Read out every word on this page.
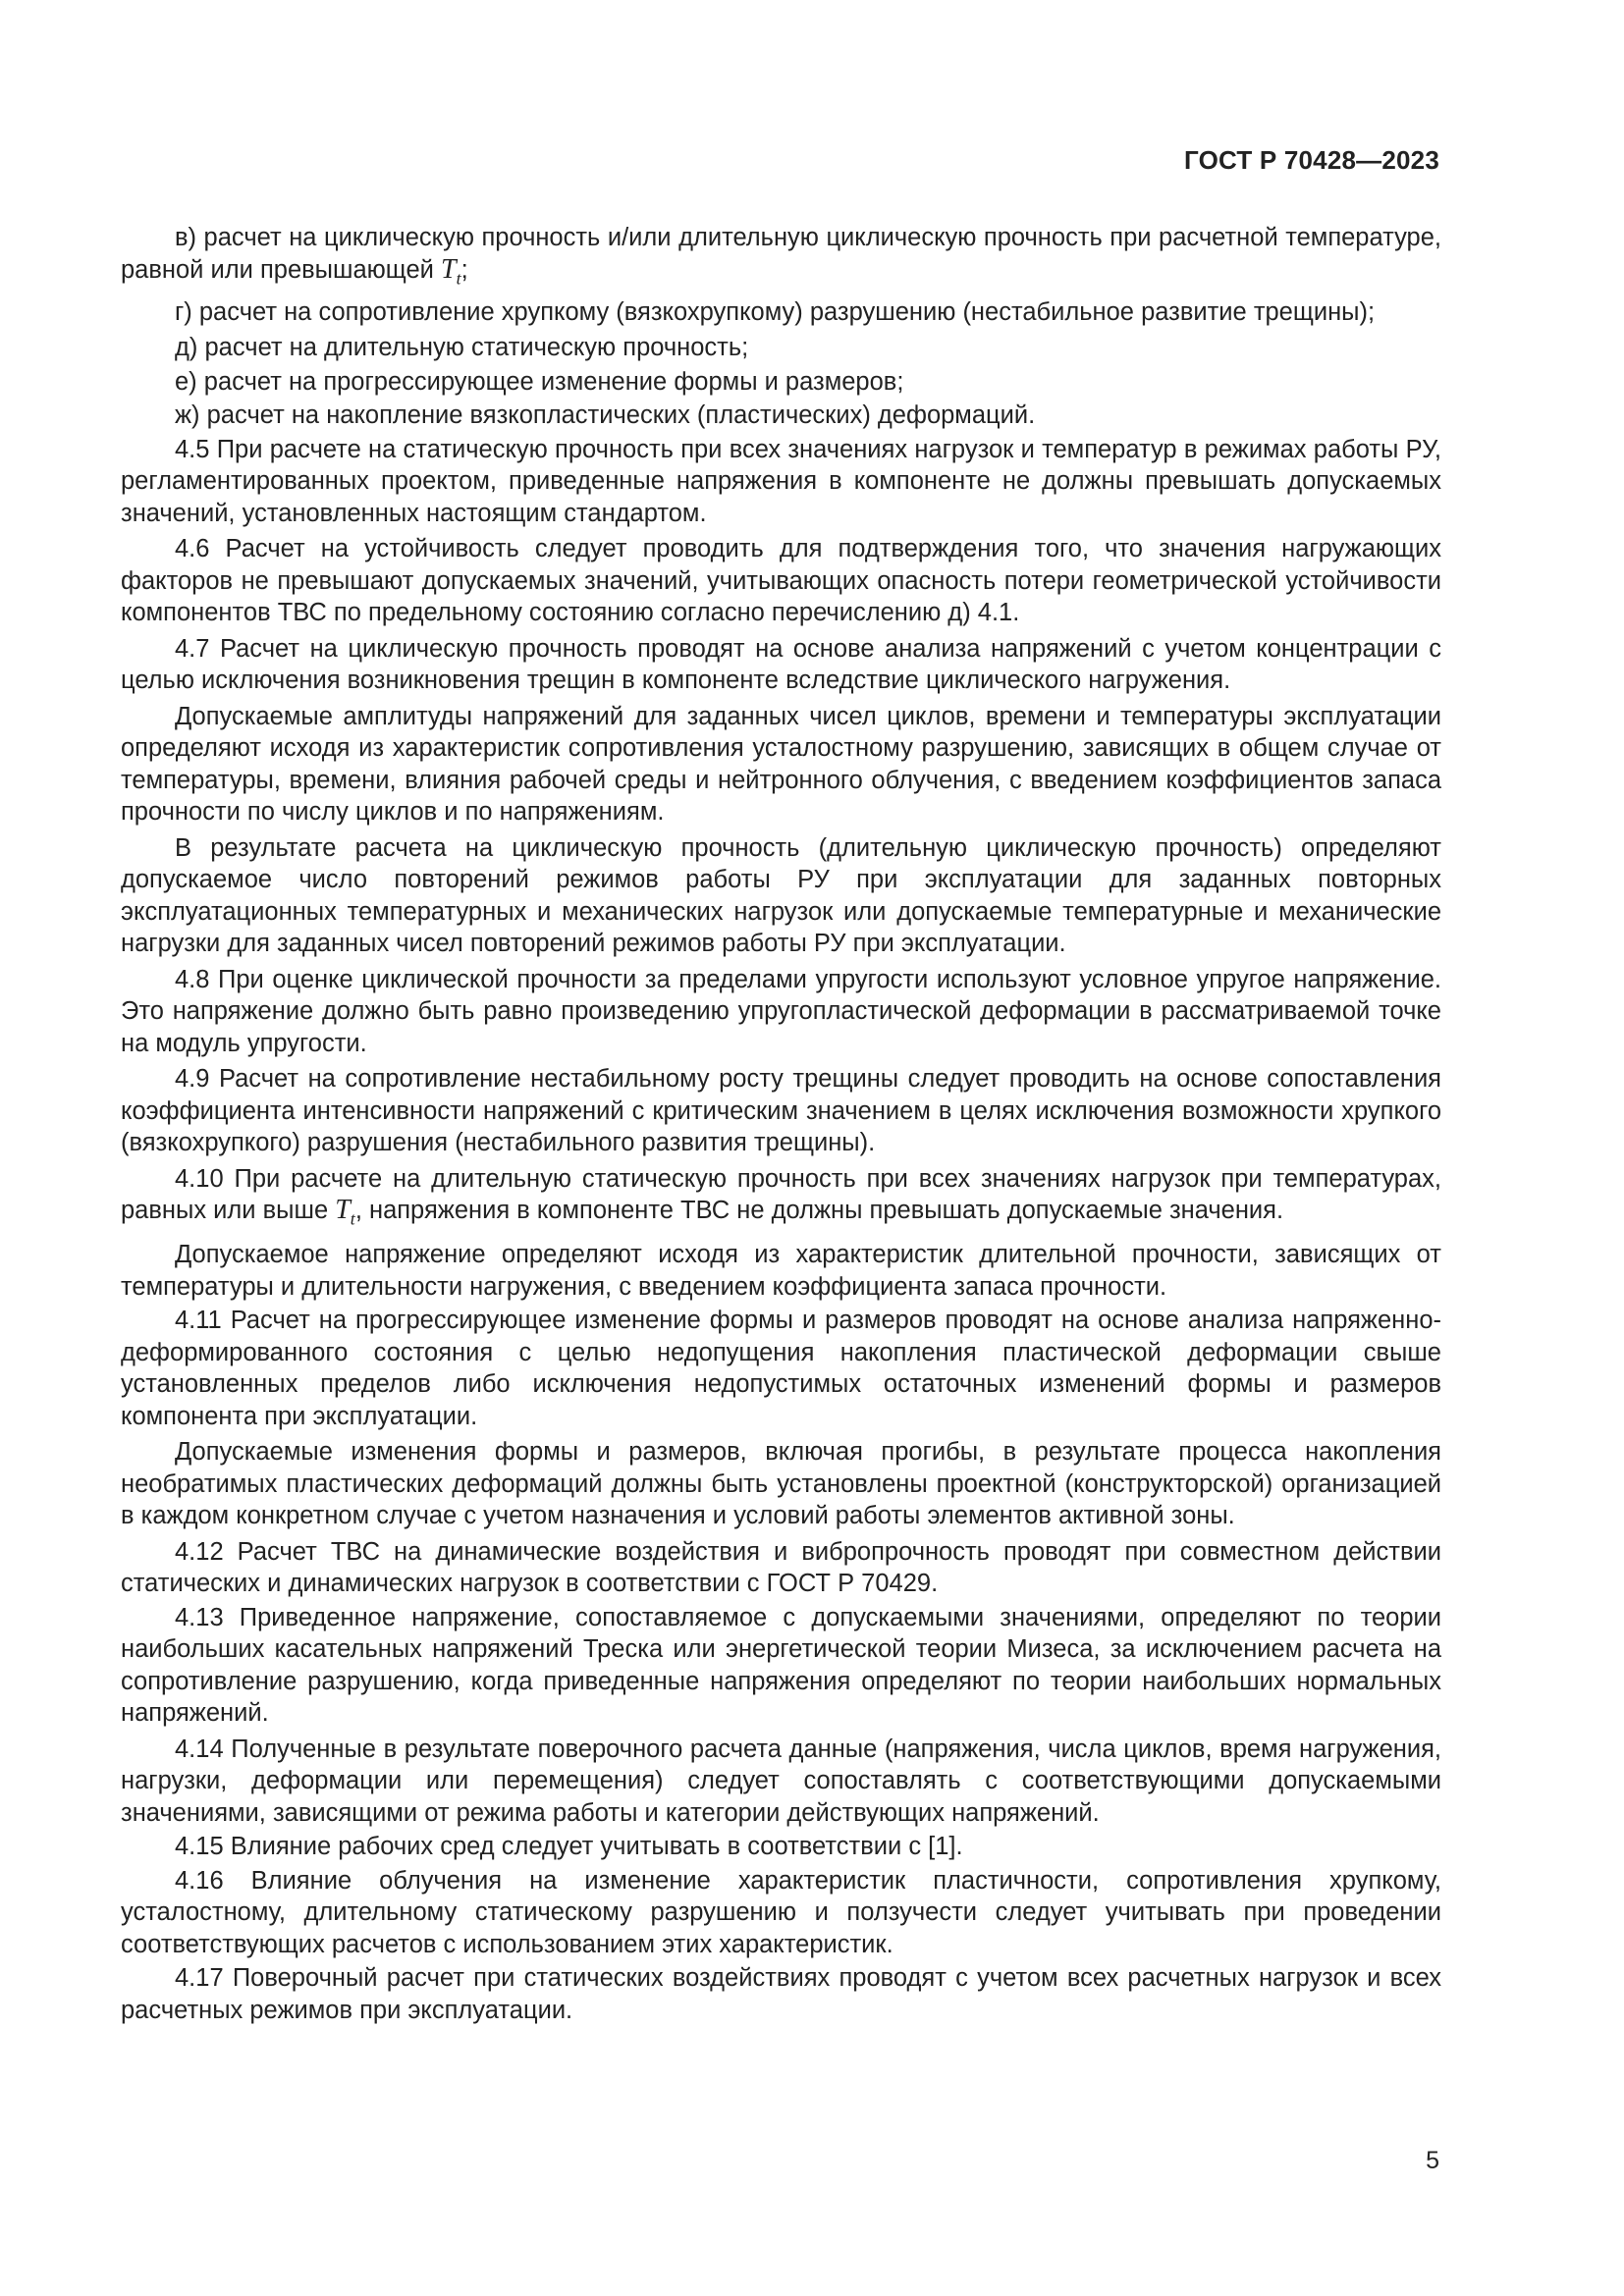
ГОСТ Р 70428—2023

в) расчет на циклическую прочность и/или длительную циклическую прочность при расчетной температуре, равной или превышающей $T_t$;

г) расчет на сопротивление хрупкому (вязкохрупкому) разрушению (нестабильное развитие трещины);

д) расчет на длительную статическую прочность;

е) расчет на прогрессирующее изменение формы и размеров;

ж) расчет на накопление вязкопластических (пластических) деформаций.

4.5 При расчете на статическую прочность при всех значениях нагрузок и температур в режимах работы РУ, регламентированных проектом, приведенные напряжения в компоненте не должны превышать допускаемых значений, установленных настоящим стандартом.

4.6 Расчет на устойчивость следует проводить для подтверждения того, что значения нагружающих факторов не превышают допускаемых значений, учитывающих опасность потери геометрической устойчивости компонентов ТВС по предельному состоянию согласно перечислению д) 4.1.

4.7 Расчет на циклическую прочность проводят на основе анализа напряжений с учетом концентрации с целью исключения возникновения трещин в компоненте вследствие циклического нагружения.

Допускаемые амплитуды напряжений для заданных чисел циклов, времени и температуры эксплуатации определяют исходя из характеристик сопротивления усталостному разрушению, зависящих в общем случае от температуры, времени, влияния рабочей среды и нейтронного облучения, с введением коэффициентов запаса прочности по числу циклов и по напряжениям.

В результате расчета на циклическую прочность (длительную циклическую прочность) определяют допускаемое число повторений режимов работы РУ при эксплуатации для заданных повторных эксплуатационных температурных и механических нагрузок или допускаемые температурные и механические нагрузки для заданных чисел повторений режимов работы РУ при эксплуатации.

4.8 При оценке циклической прочности за пределами упругости используют условное упругое напряжение. Это напряжение должно быть равно произведению упругопластической деформации в рассматриваемой точке на модуль упругости.

4.9 Расчет на сопротивление нестабильному росту трещины следует проводить на основе сопоставления коэффициента интенсивности напряжений с критическим значением в целях исключения возможности хрупкого (вязкохрупкого) разрушения (нестабильного развития трещины).

4.10 При расчете на длительную статическую прочность при всех значениях нагрузок при температурах, равных или выше $T_t$, напряжения в компоненте ТВС не должны превышать допускаемые значения.

Допускаемое напряжение определяют исходя из характеристик длительной прочности, зависящих от температуры и длительности нагружения, с введением коэффициента запаса прочности.

4.11 Расчет на прогрессирующее изменение формы и размеров проводят на основе анализа напряженно-деформированного состояния с целью недопущения накопления пластической деформации свыше установленных пределов либо исключения недопустимых остаточных изменений формы и размеров компонента при эксплуатации.

Допускаемые изменения формы и размеров, включая прогибы, в результате процесса накопления необратимых пластических деформаций должны быть установлены проектной (конструкторской) организацией в каждом конкретном случае с учетом назначения и условий работы элементов активной зоны.

4.12 Расчет ТВС на динамические воздействия и вибропрочность проводят при совместном действии статических и динамических нагрузок в соответствии с ГОСТ Р 70429.

4.13 Приведенное напряжение, сопоставляемое с допускаемыми значениями, определяют по теории наибольших касательных напряжений Треска или энергетической теории Мизеса, за исключением расчета на сопротивление разрушению, когда приведенные напряжения определяют по теории наибольших нормальных напряжений.

4.14 Полученные в результате поверочного расчета данные (напряжения, числа циклов, время нагружения, нагрузки, деформации или перемещения) следует сопоставлять с соответствующими допускаемыми значениями, зависящими от режима работы и категории действующих напряжений.

4.15 Влияние рабочих сред следует учитывать в соответствии с [1].

4.16 Влияние облучения на изменение характеристик пластичности, сопротивления хрупкому, усталостному, длительному статическому разрушению и ползучести следует учитывать при проведении соответствующих расчетов с использованием этих характеристик.

4.17 Поверочный расчет при статических воздействиях проводят с учетом всех расчетных нагрузок и всех расчетных режимов при эксплуатации.

5
